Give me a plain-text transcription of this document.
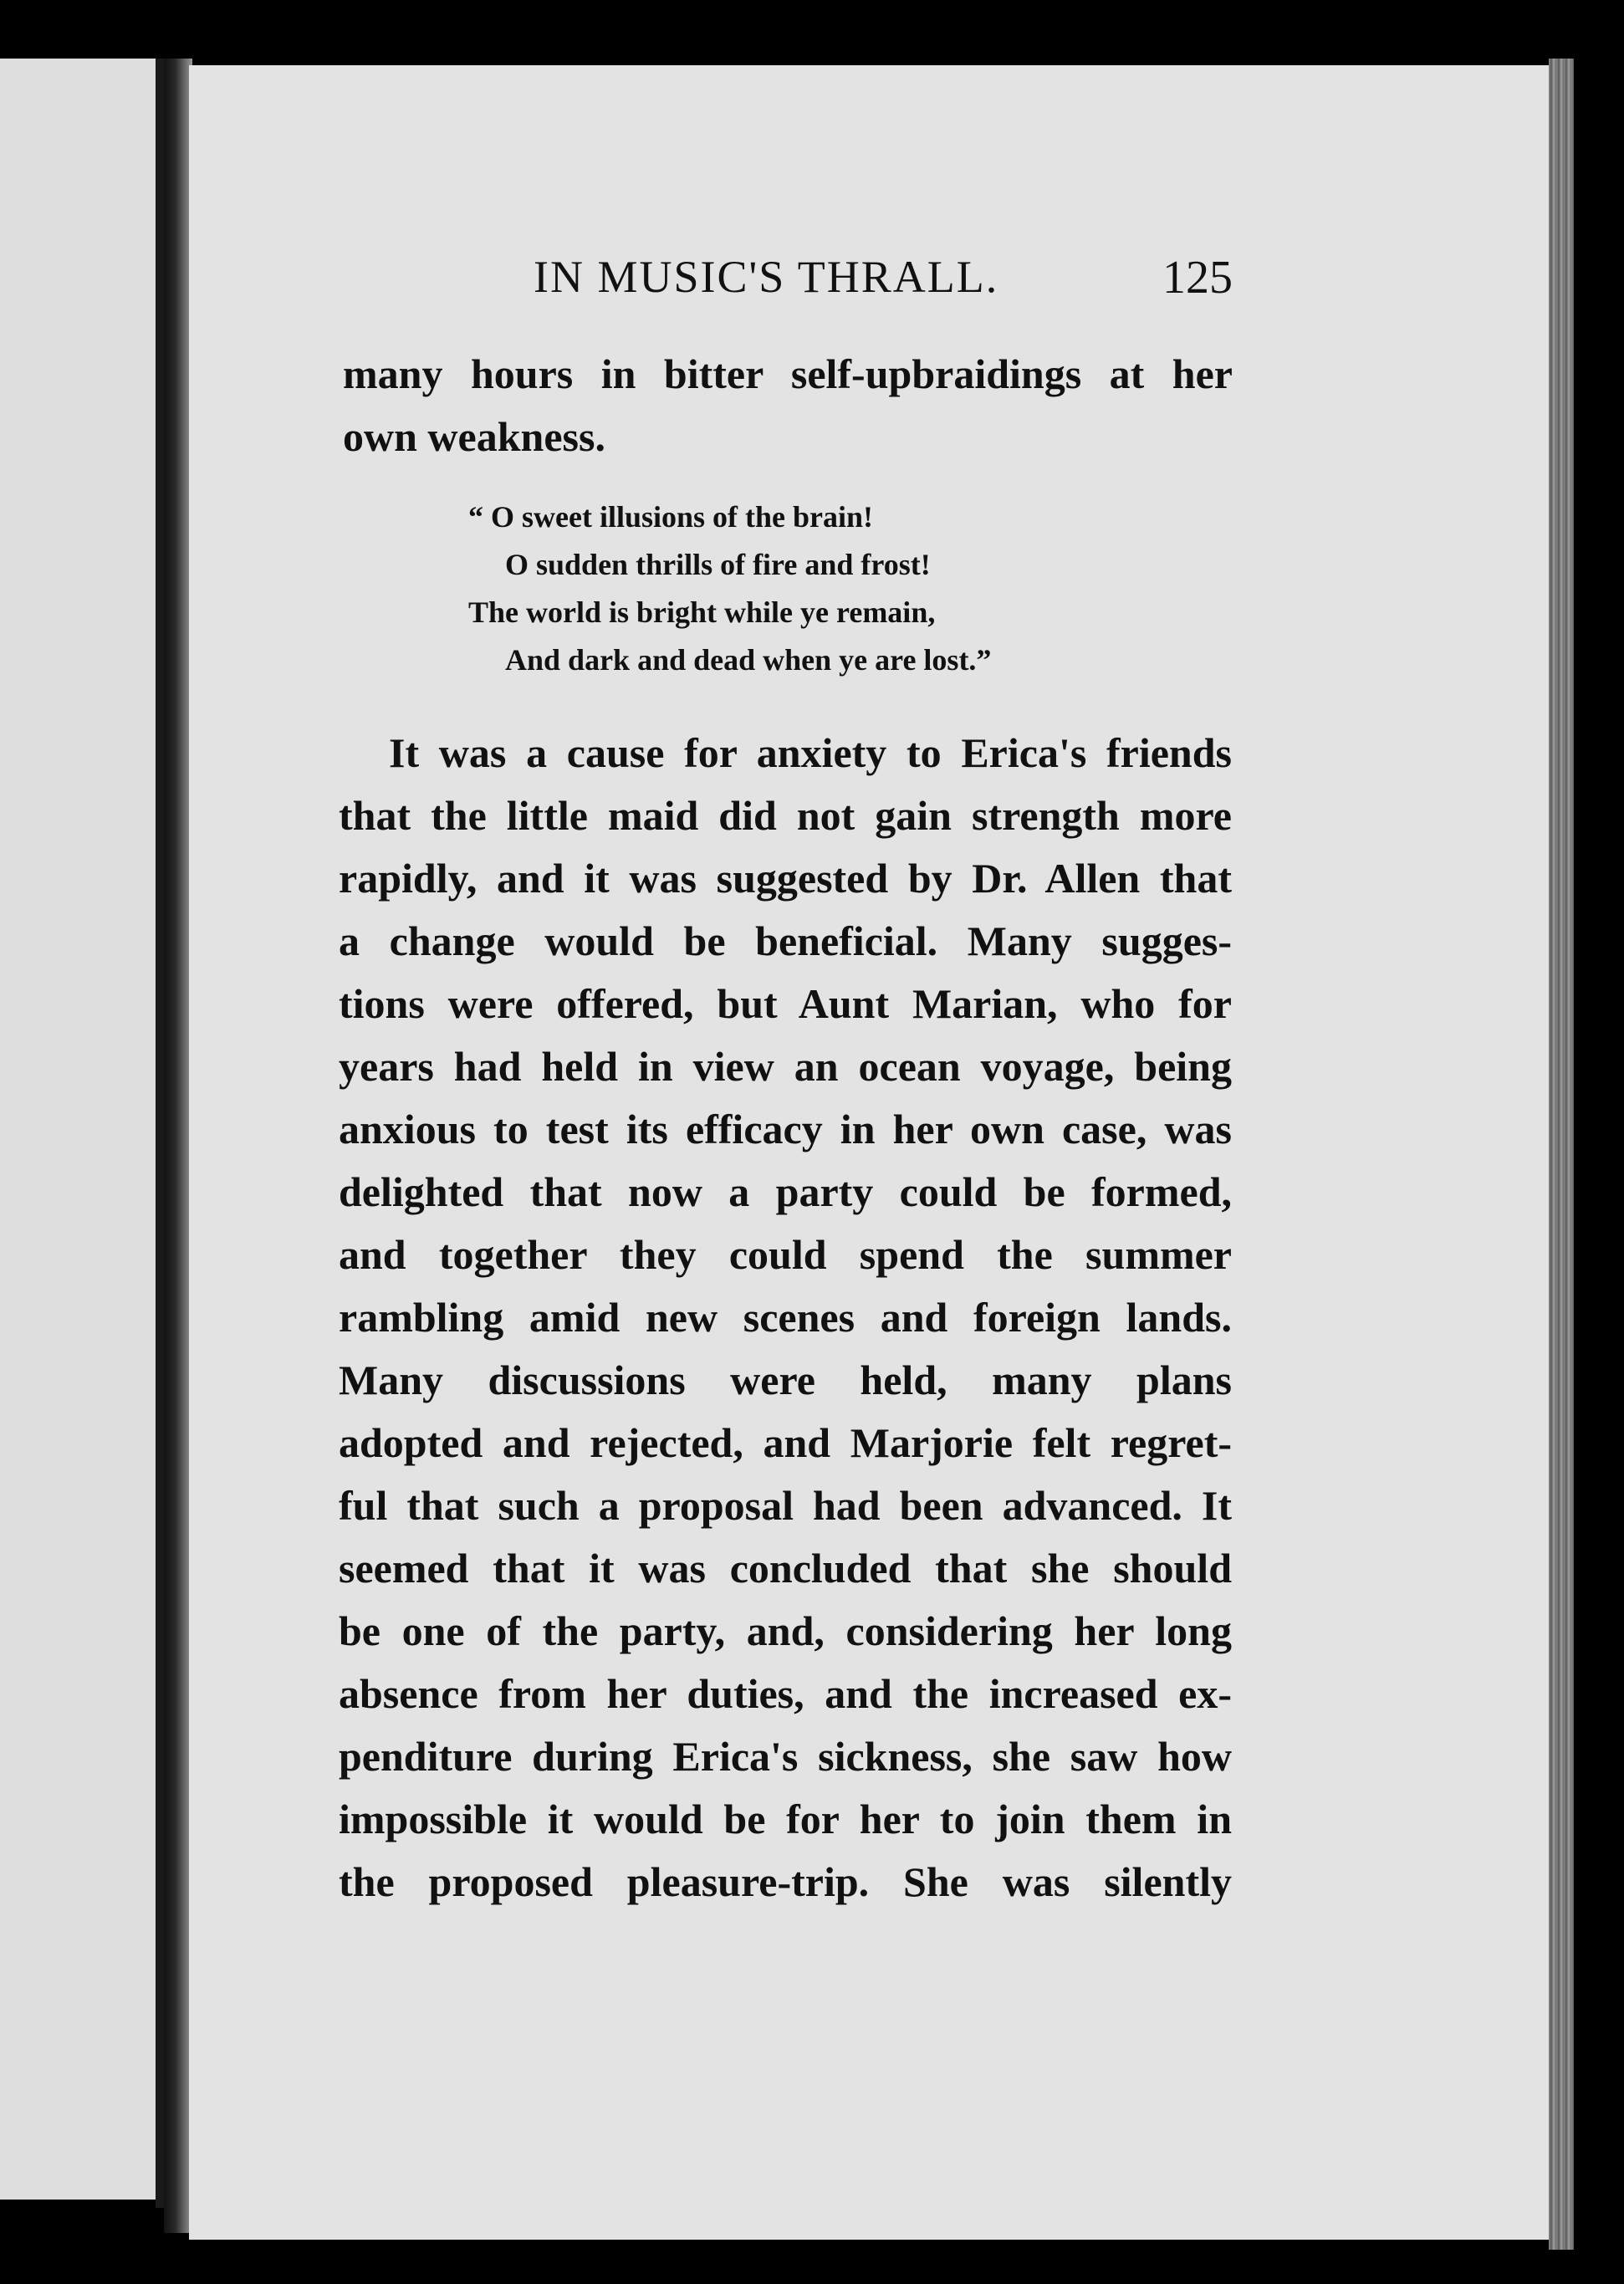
IN MUSIC'S THRALL.	125
many hours in bitter self-upbraidings at her
own weakness.
“ O sweet illusions of the brain!
O sudden thrills of fire and frost!
The world is bright while ye remain,
And dark and dead when ye are lost.”
It was a cause for anxiety to Erica's friends
that the little maid did not gain strength more
rapidly, and it was suggested by Dr. Allen that
a change would be beneficial. Many sugges-
tions were offered, but Aunt Marian, who for
years had held in view an ocean voyage, being
anxious to test its efficacy in her own case, was
delighted that now a party could be formed,
and together they could spend the summer
rambling amid new scenes and foreign lands.
Many discussions were held, many plans
adopted and rejected, and Marjorie felt regret-
ful that such a proposal had been advanced. It
seemed that it was concluded that she should
be one of the party, and, considering her long
absence from her duties, and the increased ex-
penditure during Erica's sickness, she saw how
impossible it would be for her to join them in
the proposed pleasure-trip. She was silently
